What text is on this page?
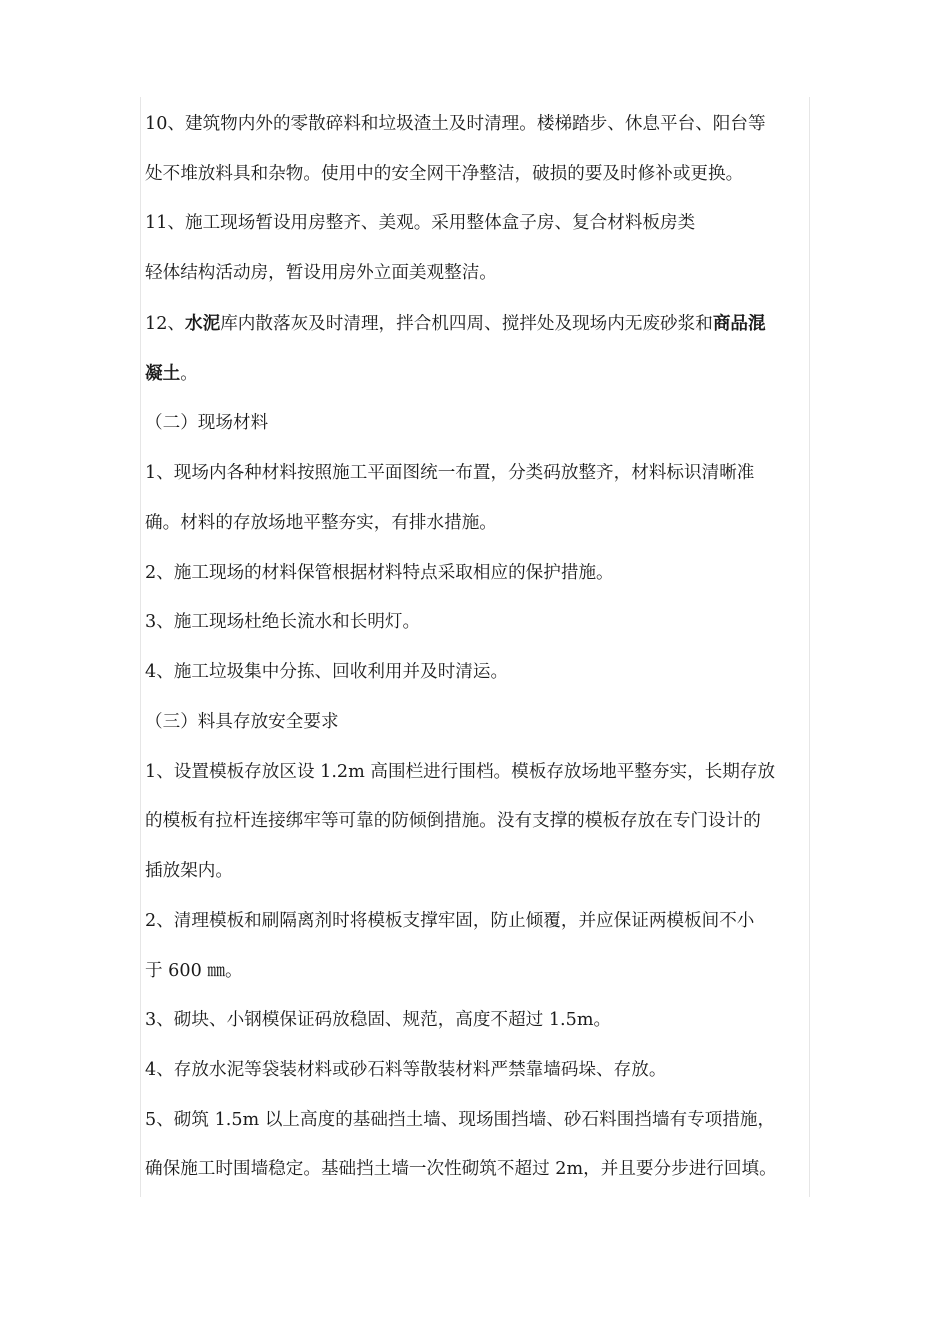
10、建筑物内外的零散碎料和垃圾渣土及时清理。楼梯踏步、休息平台、阳台等
处不堆放料具和杂物。使用中的安全网干净整洁，破损的要及时修补或更换。
11、施工现场暂设用房整齐、美观。采用整体盒子房、复合材料板房类
轻体结构活动房，暂设用房外立面美观整洁。
12、水泥库内散落灰及时清理，拌合机四周、搅拌处及现场内无废砂浆和商品混
凝土。
（二）现场材料
1、现场内各种材料按照施工平面图统一布置，分类码放整齐，材料标识清晰准
确。材料的存放场地平整夯实，有排水措施。
2、施工现场的材料保管根据材料特点采取相应的保护措施。
3、施工现场杜绝长流水和长明灯。
4、施工垃圾集中分拣、回收利用并及时清运。
（三）料具存放安全要求
1、设置模板存放区设 1.2m 高围栏进行围档。模板存放场地平整夯实，长期存放
的模板有拉杆连接绑牢等可靠的防倾倒措施。没有支撑的模板存放在专门设计的
插放架内。
2、清理模板和刷隔离剂时将模板支撑牢固，防止倾覆，并应保证两模板间不小
于 600 ㎜。
3、砌块、小钢模保证码放稳固、规范，高度不超过 1.5m。
4、存放水泥等袋装材料或砂石料等散装材料严禁靠墙码垛、存放。
5、砌筑 1.5m 以上高度的基础挡土墙、现场围挡墙、砂石料围挡墙有专项措施，
确保施工时围墙稳定。基础挡土墙一次性砌筑不超过 2m，并且要分步进行回填。
